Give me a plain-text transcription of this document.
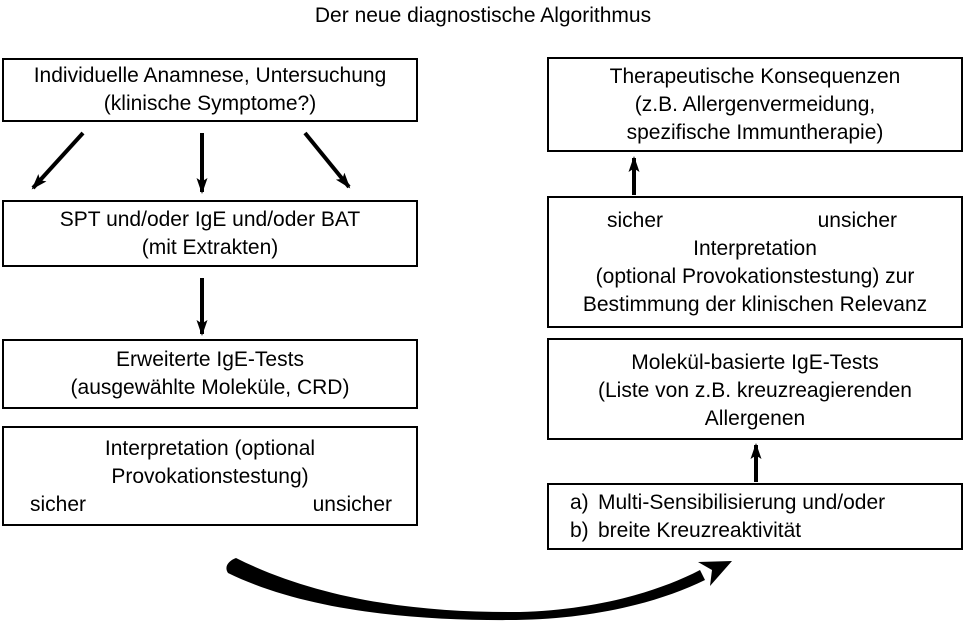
Der neue diagnostische Algorithmus
Individuelle Anamnese, Untersuchung
(klinische Symptome?)
SPT und/oder IgE und/oder BAT
(mit Extrakten)
Erweiterte IgE-Tests
(ausgewählte Moleküle, CRD)
Interpretation (optional
Provokationstestung)
sicher	unsicher
Therapeutische Konsequenzen
(z.B. Allergenvermeidung,
spezifische Immuntherapie)
sicher	unsicher
Interpretation
(optional Provokationstestung) zur
Bestimmung der klinischen Relevanz
Molekül-basierte IgE-Tests
(Liste von z.B. kreuzreagierenden
Allergenen
a) Multi-Sensibilisierung und/oder
b) breite Kreuzreaktivität
